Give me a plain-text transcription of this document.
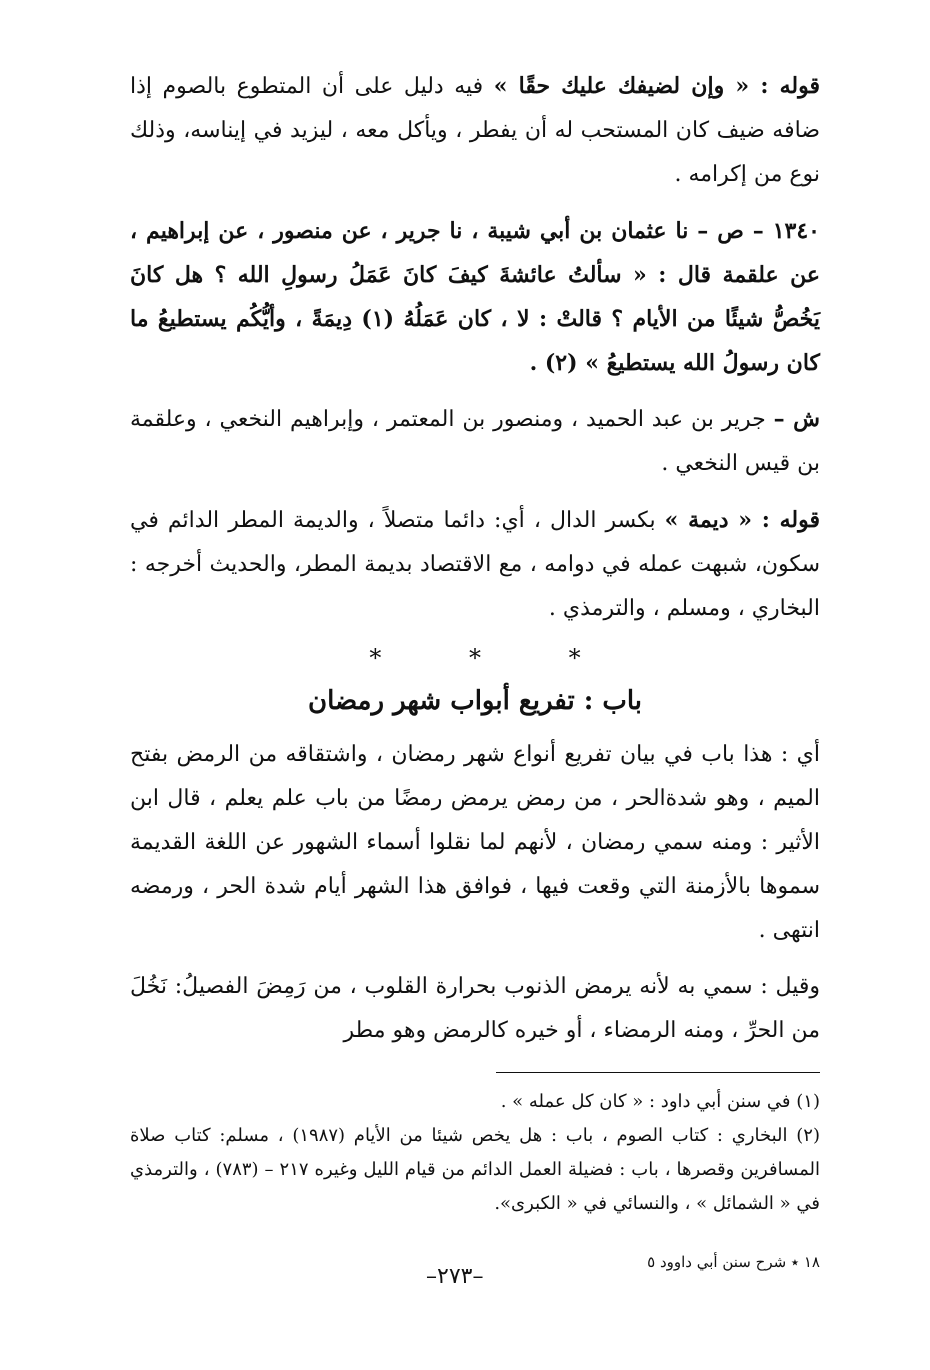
قوله : « وإن لضيفك عليك حقًا » فيه دليل على أن المتطوع بالصوم إذا ضافه ضيف كان المستحب له أن يفطر ، ويأكل معه ، ليزيد في إيناسه، وذلك نوع من إكرامه .

١٣٤٠ – ص – نا عثمان بن أبي شيبة ، نا جرير ، عن منصور ، عن إبراهيم ، عن علقمة قال : « سألتُ عائشةَ كيفَ كانَ عَمَلُ رسولِ الله ؟ هل كانَ يَخُصُّ شيئًا من الأيام ؟ قالتْ : لا ، كان عَمَلُهُ (١) دِيمَةً ، وأيُّكُم يستطيعُ ما كان رسولُ الله يستطيعُ » (٢) .

ش – جرير بن عبد الحميد ، ومنصور بن المعتمر ، وإبراهيم النخعي ، وعلقمة بن قيس النخعي .

قوله : « ديمة » بكسر الدال ، أي: دائما متصلاً ، والديمة المطر الدائم في سكون، شبهت عمله في دوامه ، مع الاقتصاد بديمة المطر، والحديث أخرجه : البخاري ، ومسلم ، والترمذي .

* * *
باب : تفريع أبواب شهر رمضان

أي : هذا باب في بيان تفريع أنواع شهر رمضان ، واشتقاقه من الرمض بفتح الميم ، وهو شدةالحر ، من رمض يرمض رمضًا من باب علم يعلم ، قال ابن الأثير : ومنه سمي رمضان ، لأنهم لما نقلوا أسماء الشهور عن اللغة القديمة سموها بالأزمنة التي وقعت فيها ، فوافق هذا الشهر أيام شدة الحر ، ورمضه انتهى .

وقيل : سمي به لأنه يرمض الذنوب بحرارة القلوب ، من رَمِضَ الفصيلُ: نَخُلَ من الحرِّ ، ومنه الرمضاء ، أو خيره كالرمض وهو مطر

(١) في سنن أبي داود : « كان كل عمله » .

(٢) البخاري : كتاب الصوم ، باب : هل يخص شيئا من الأيام (١٩٨٧) ، مسلم: كتاب صلاة المسافرين وقصرها ، باب : فضيلة العمل الدائم من قيام الليل وغيره ٢١٧ – (٧٨٣) ، والترمذي في « الشمائل » ، والنسائي في « الكبرى».

١٨ ٭ شرح سنن أبي داوود ٥
–٢٧٣–
